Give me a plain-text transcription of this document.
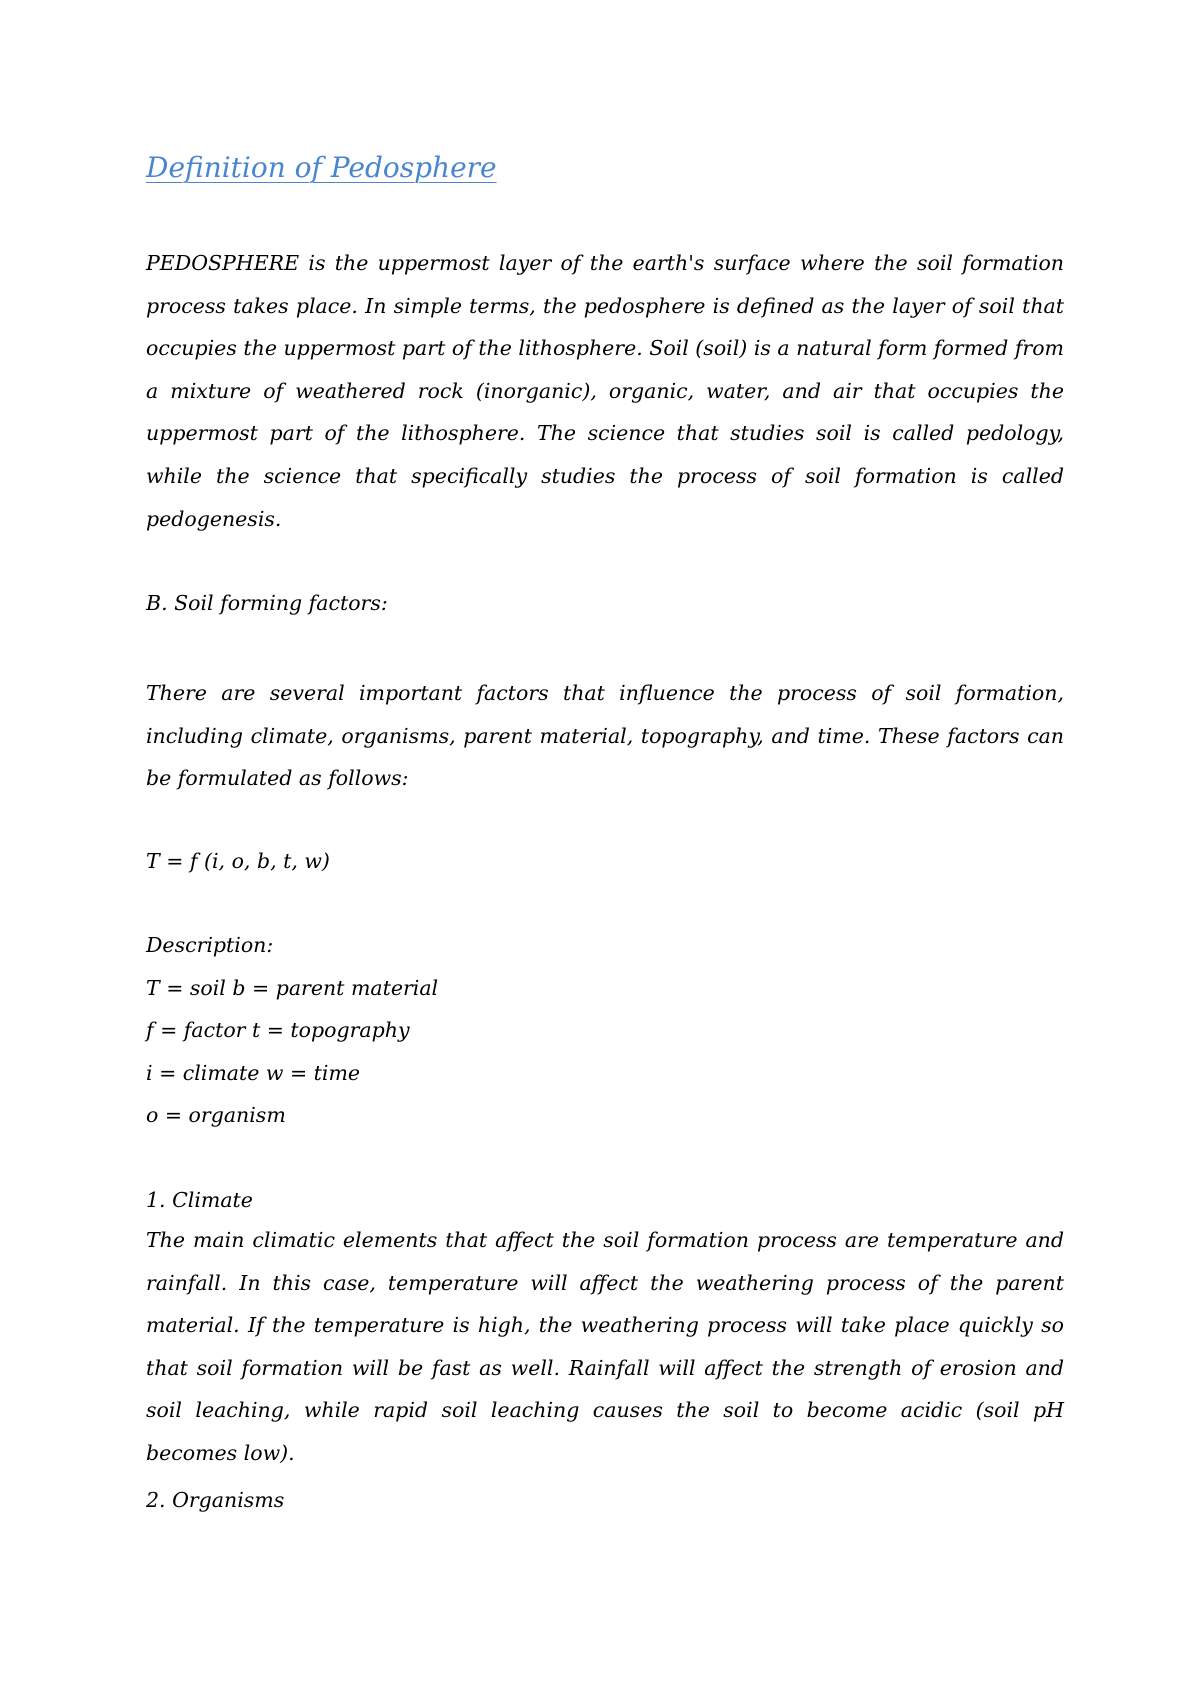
Definition of Pedosphere

PEDOSPHERE is the uppermost layer of the earth's surface where the soil formation process takes place. In simple terms, the pedosphere is defined as the layer of soil that occupies the uppermost part of the lithosphere. Soil (soil) is a natural form formed from a mixture of weathered rock (inorganic), organic, water, and air that occupies the uppermost part of the lithosphere. The science that studies soil is called pedology, while the science that specifically studies the process of soil formation is called pedogenesis.

B. Soil forming factors:

There are several important factors that influence the process of soil formation, including climate, organisms, parent material, topography, and time. These factors can be formulated as follows:

T = f (i, o, b, t, w)

Description:

T = soil b = parent material

f = factor t = topography

i = climate w = time

o = organism

1. Climate

The main climatic elements that affect the soil formation process are temperature and rainfall. In this case, temperature will affect the weathering process of the parent material. If the temperature is high, the weathering process will take place quickly so that soil formation will be fast as well. Rainfall will affect the strength of erosion and soil leaching, while rapid soil leaching causes the soil to become acidic (soil pH becomes low).

2. Organisms
